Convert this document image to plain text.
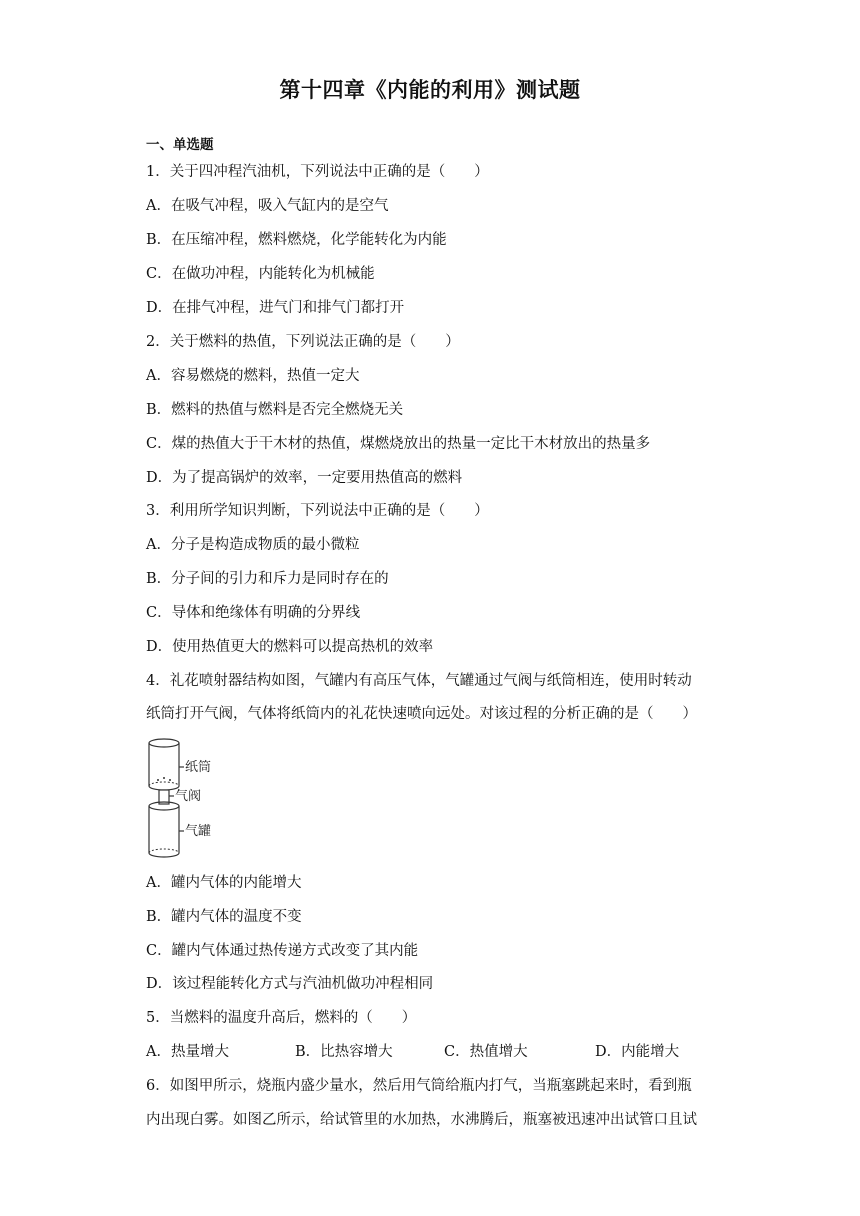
第十四章《内能的利用》测试题
一、单选题
1．关于四冲程汽油机，下列说法中正确的是（　　）
A．在吸气冲程，吸入气缸内的是空气
B．在压缩冲程，燃料燃烧，化学能转化为内能
C．在做功冲程，内能转化为机械能
D．在排气冲程，进气门和排气门都打开
2．关于燃料的热值，下列说法正确的是（　　）
A．容易燃烧的燃料，热值一定大
B．燃料的热值与燃料是否完全燃烧无关
C．煤的热值大于干木材的热值，煤燃烧放出的热量一定比干木材放出的热量多
D．为了提高锅炉的效率，一定要用热值高的燃料
3．利用所学知识判断，下列说法中正确的是（　　）
A．分子是构造成物质的最小微粒
B．分子间的引力和斥力是同时存在的
C．导体和绝缘体有明确的分界线
D．使用热值更大的燃料可以提高热机的效率
4．礼花喷射器结构如图，气罐内有高压气体，气罐通过气阀与纸筒相连，使用时转动
纸筒打开气阀，气体将纸筒内的礼花快速喷向远处。对该过程的分析正确的是（　　）
纸筒
气阀
气罐
A．罐内气体的内能增大
B．罐内气体的温度不变
C．罐内气体通过热传递方式改变了其内能
D．该过程能转化方式与汽油机做功冲程相同
5．当燃料的温度升高后，燃料的（　　）
A．热量增大	B．比热容增大	C．热值增大	D．内能增大
6．如图甲所示，烧瓶内盛少量水，然后用气筒给瓶内打气，当瓶塞跳起来时，看到瓶
内出现白雾。如图乙所示，给试管里的水加热，水沸腾后，瓶塞被迅速冲出试管口且试
